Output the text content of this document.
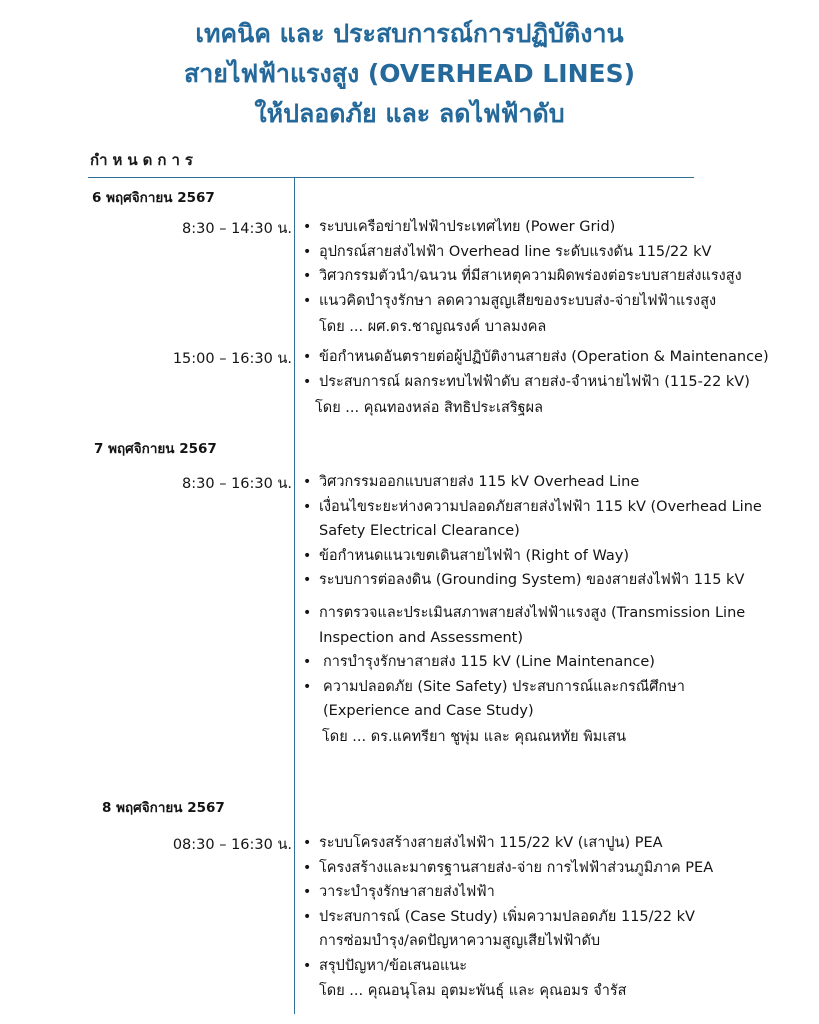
เทคนิค และ ประสบการณ์การปฏิบัติงาน
สายไฟฟ้าแรงสูง (OVERHEAD LINES)
ให้ปลอดภัย และ ลดไฟฟ้าดับ
กำหนดการ
6 พฤศจิกายน 2567
8:30 – 14:30 น.	• ระบบเครือข่ายไฟฟ้าประเทศไทย (Power Grid)
• อุปกรณ์สายส่งไฟฟ้า Overhead line ระดับแรงดัน 115/22 kV
• วิศวกรรมตัวนำ/ฉนวน ที่มีสาเหตุความผิดพร่องต่อระบบสายส่งแรงสูง
• แนวคิดบำรุงรักษา ลดความสูญเสียของระบบส่ง-จ่ายไฟฟ้าแรงสูง
โดย ... ผศ.ดร.ชาญณรงค์ บาลมงคล
15:00 – 16:30 น.	• ข้อกำหนดอันตรายต่อผู้ปฏิบัติงานสายส่ง (Operation & Maintenance)
• ประสบการณ์ ผลกระทบไฟฟ้าดับ สายส่ง-จำหน่ายไฟฟ้า (115-22 kV)
โดย ... คุณทองหล่อ สิทธิประเสริฐผล
7 พฤศจิกายน 2567
8:30 – 16:30 น.	• วิศวกรรมออกแบบสายส่ง 115 kV Overhead Line
• เงื่อนไขระยะห่างความปลอดภัยสายส่งไฟฟ้า 115 kV (Overhead Line
Safety Electrical Clearance)
• ข้อกำหนดแนวเขตเดินสายไฟฟ้า (Right of Way)
• ระบบการต่อลงดิน (Grounding System) ของสายส่งไฟฟ้า 115 kV
• การตรวจและประเมินสภาพสายส่งไฟฟ้าแรงสูง (Transmission Line
Inspection and Assessment)
• การบำรุงรักษาสายส่ง 115 kV (Line Maintenance)
• ความปลอดภัย (Site Safety) ประสบการณ์และกรณีศึกษา
(Experience and Case Study)
โดย ... ดร.แคทรียา ชูพุ่ม และ คุณณหทัย พิมเสน
8 พฤศจิกายน 2567
08:30 – 16:30 น.	• ระบบโครงสร้างสายส่งไฟฟ้า 115/22 kV (เสาปูน) PEA
• โครงสร้างและมาตรฐานสายส่ง-จ่าย การไฟฟ้าส่วนภูมิภาค PEA
• วาระบำรุงรักษาสายส่งไฟฟ้า
• ประสบการณ์ (Case Study) เพิ่มความปลอดภัย 115/22 kV
การซ่อมบำรุง/ลดปัญหาความสูญเสียไฟฟ้าดับ
• สรุปปัญหา/ข้อเสนอแนะ
โดย ... คุณอนุโลม อุตมะพันธุ์ และ คุณอมร จำรัส
